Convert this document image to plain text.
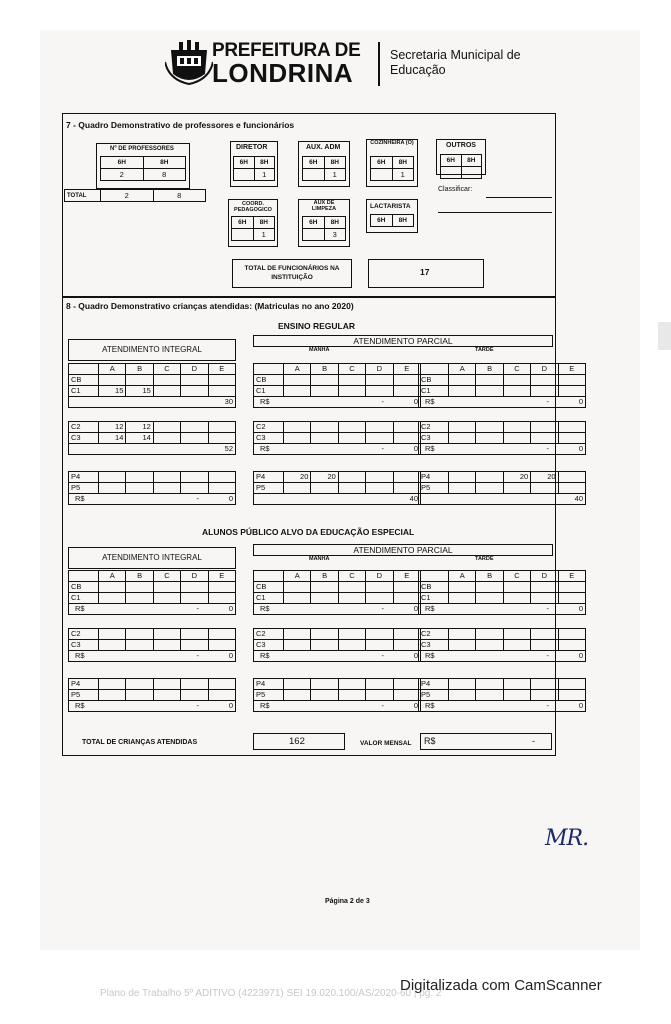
PREFEITURA DE
LONDRINA
Secretaria Municipal de
Educação
7 - Quadro Demonstrativo de professores e funcionários
Nº DE PROFESSORES
6H	8H
2	8
TOTAL	2	8
DIRETOR
6H	8H
	1
AUX. ADM
6H	8H
	1
COZINHEIRA (O)
6H	8H
	1
OUTROS
6H	8H

Classificar:
COORD. PEDAGOGICO
6H	8H
	1
AUX DE LIMPEZA
6H	8H
	3
LACTARISTA
6H	8H
TOTAL DE FUNCIONÁRIOS NA INSTITUIÇÃO
17
8 - Quadro Demonstrativo crianças atendidas: (Matriculas no ano 2020)
ENSINO REGULAR
ALUNOS PÚBLICO ALVO DA EDUCAÇÃO ESPECIAL
ATENDIMENTO INTEGRAL
ATENDIMENTO PARCIAL
MANHÃ	TARDE
ATENDIMENTO INTEGRAL
ATENDIMENTO PARCIAL
MANHÃ	TARDE
	A	B	C	D	E
CB					
C1	15	15			

30					

C2	12	12			
C3	14	14			

52					

P4					
P5					

R$ - 0					

	A	B	C	D	E
CB					
C1					

R$ - 0					

C2					
C3					

R$ - 0					

P4	20	20			
P5					

40					

	A	B	C	D	E
CB					
C1					

R$ - 0					

C2					
C3					

R$ - 0					

P4			20	20	
P5					

40					

	A	B	C	D	E
CB					
C1					

R$ - 0					

C2					
C3					

R$ - 0					

P4					
P5					

R$ - 0					

	A	B	C	D	E
CB					
C1					

R$ - 0					

C2					
C3					

R$ - 0					

P4					
P5					

R$ - 0					

	A	B	C	D	E
CB					
C1					

R$ - 0					

C2					
C3					

R$ - 0					

P4					
P5					

R$ - 0					

TOTAL DE CRIANÇAS ATENDIDAS	162	VALOR MENSAL R$	-
MR.
Página 2 de 3
Plano de Trabalho 5º ADITIVO (4223971) SEI 19.020.100/AS/2020-60 | pg. 2
Digitalizada com CamScanner
